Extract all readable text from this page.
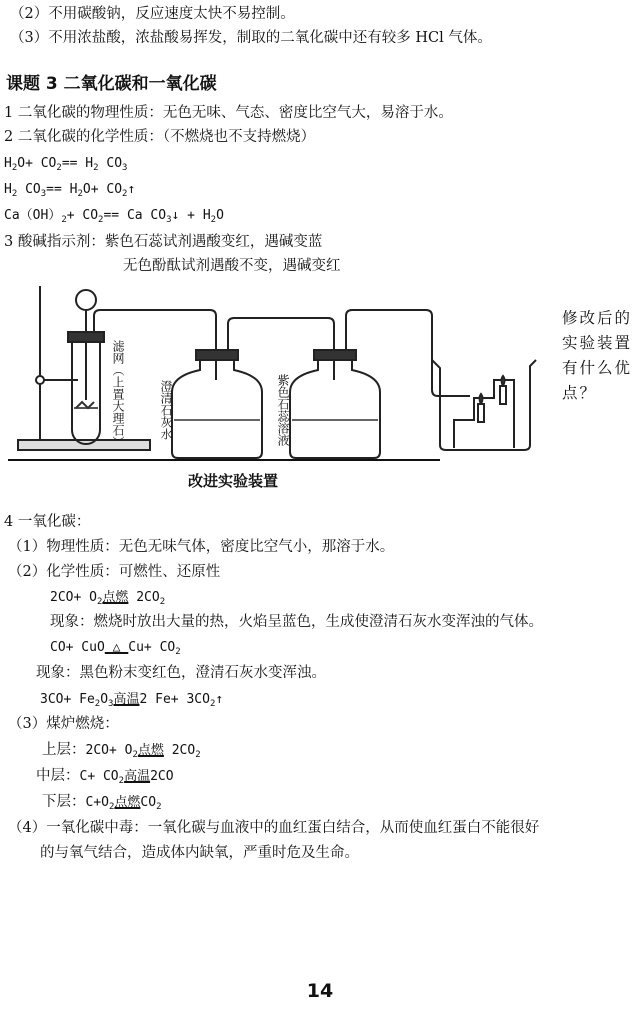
（2）不用碳酸钠，反应速度太快不易控制。
（3）不用浓盐酸，浓盐酸易挥发，制取的二氧化碳中还有较多 HCl 气体。
课题 3 二氧化碳和一氧化碳
1 二氧化碳的物理性质：无色无味、气态、密度比空气大，易溶于水。
2 二氧化碳的化学性质：（不燃烧也不支持燃烧）
$H_2O+ CO_2== H_2$ $CO_3$
$H_2$ $CO_3== H_2O+$ $CO_2↑$
$Ca(OH)_2+ CO_2== Ca$ $CO_3↓ + H_2O$
3 酸碱指示剂：紫色石蕊试剂遇酸变红，遇碱变蓝
无色酚酞试剂遇酸不变，遇碱变红
改进实验装置
滤网（上置大理石）	澄清石灰水	紫色石蕊溶液
修改后的实验装置有什么优点？
4 一氧化碳：
（1）物理性质：无色无味气体，密度比空气小，那溶于水。
（2）化学性质：可燃性、还原性
$2CO+ O_2$点燃 $2CO_2$
现象：燃烧时放出大量的热，火焰呈蓝色，生成使澄清石灰水变浑浊的气体。
CO+ CuO △ $Cu+ CO_2$
现象：黑色粉末变红色，澄清石灰水变浑浊。
$3CO+ Fe_2O_3$高温2 $Fe+ 3CO_2↑$
（3）煤炉燃烧：
上层：$2CO+ O_2$点燃 $2CO_2$
中层：$C+ CO_2$高温2CO
下层：$C+O_2$点燃$CO_2$
（4）一氧化碳中毒：一氧化碳与血液中的血红蛋白结合，从而使血红蛋白不能很好
的与氧气结合，造成体内缺氧，严重时危及生命。
14
